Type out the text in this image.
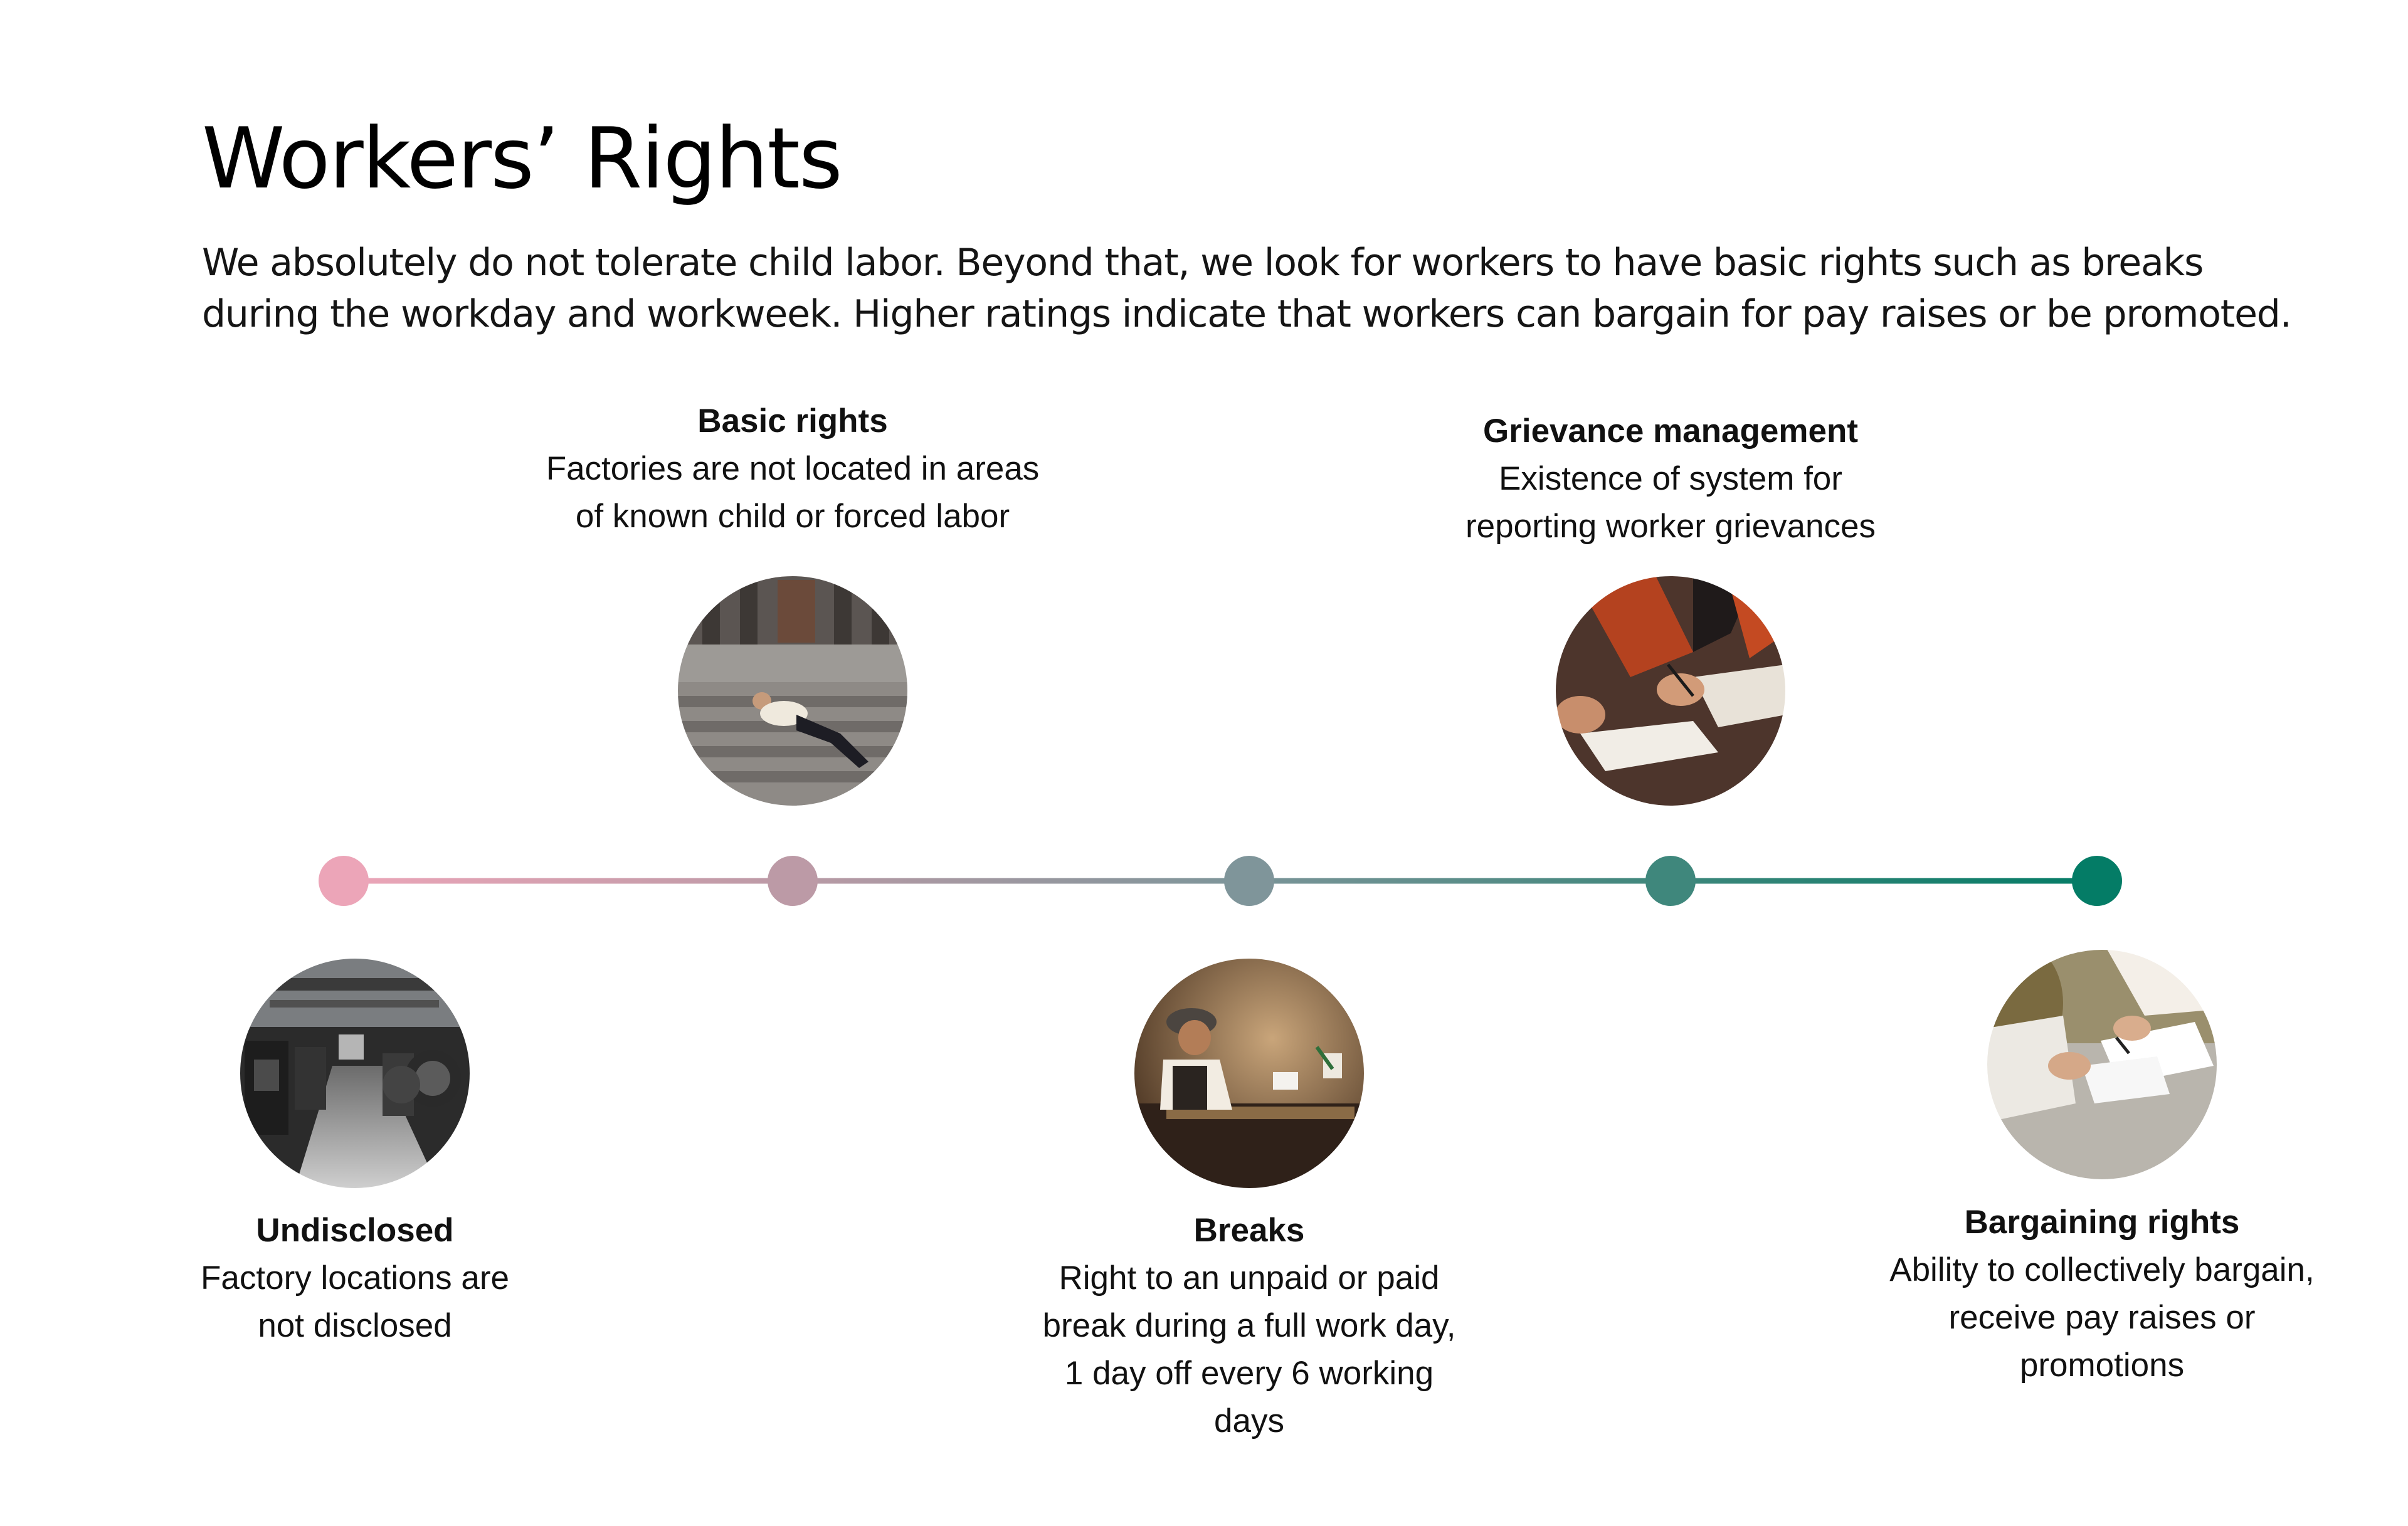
Workers’ Rights

We absolutely do not tolerate child labor. Beyond that, we look for workers to have basic rights such as breaks
during the workday and workweek. Higher ratings indicate that workers can bargain for pay raises or be promoted.

Undisclosed
Factory locations are
not disclosed
Basic rights
Factories are not located in areas
of known child or forced labor
Breaks
Right to an unpaid or paid
break during a full work day,
1 day off every 6 working
days
Grievance management
Existence of system for
reporting worker grievances
Bargaining rights
Ability to collectively bargain,
receive pay raises or
promotions
